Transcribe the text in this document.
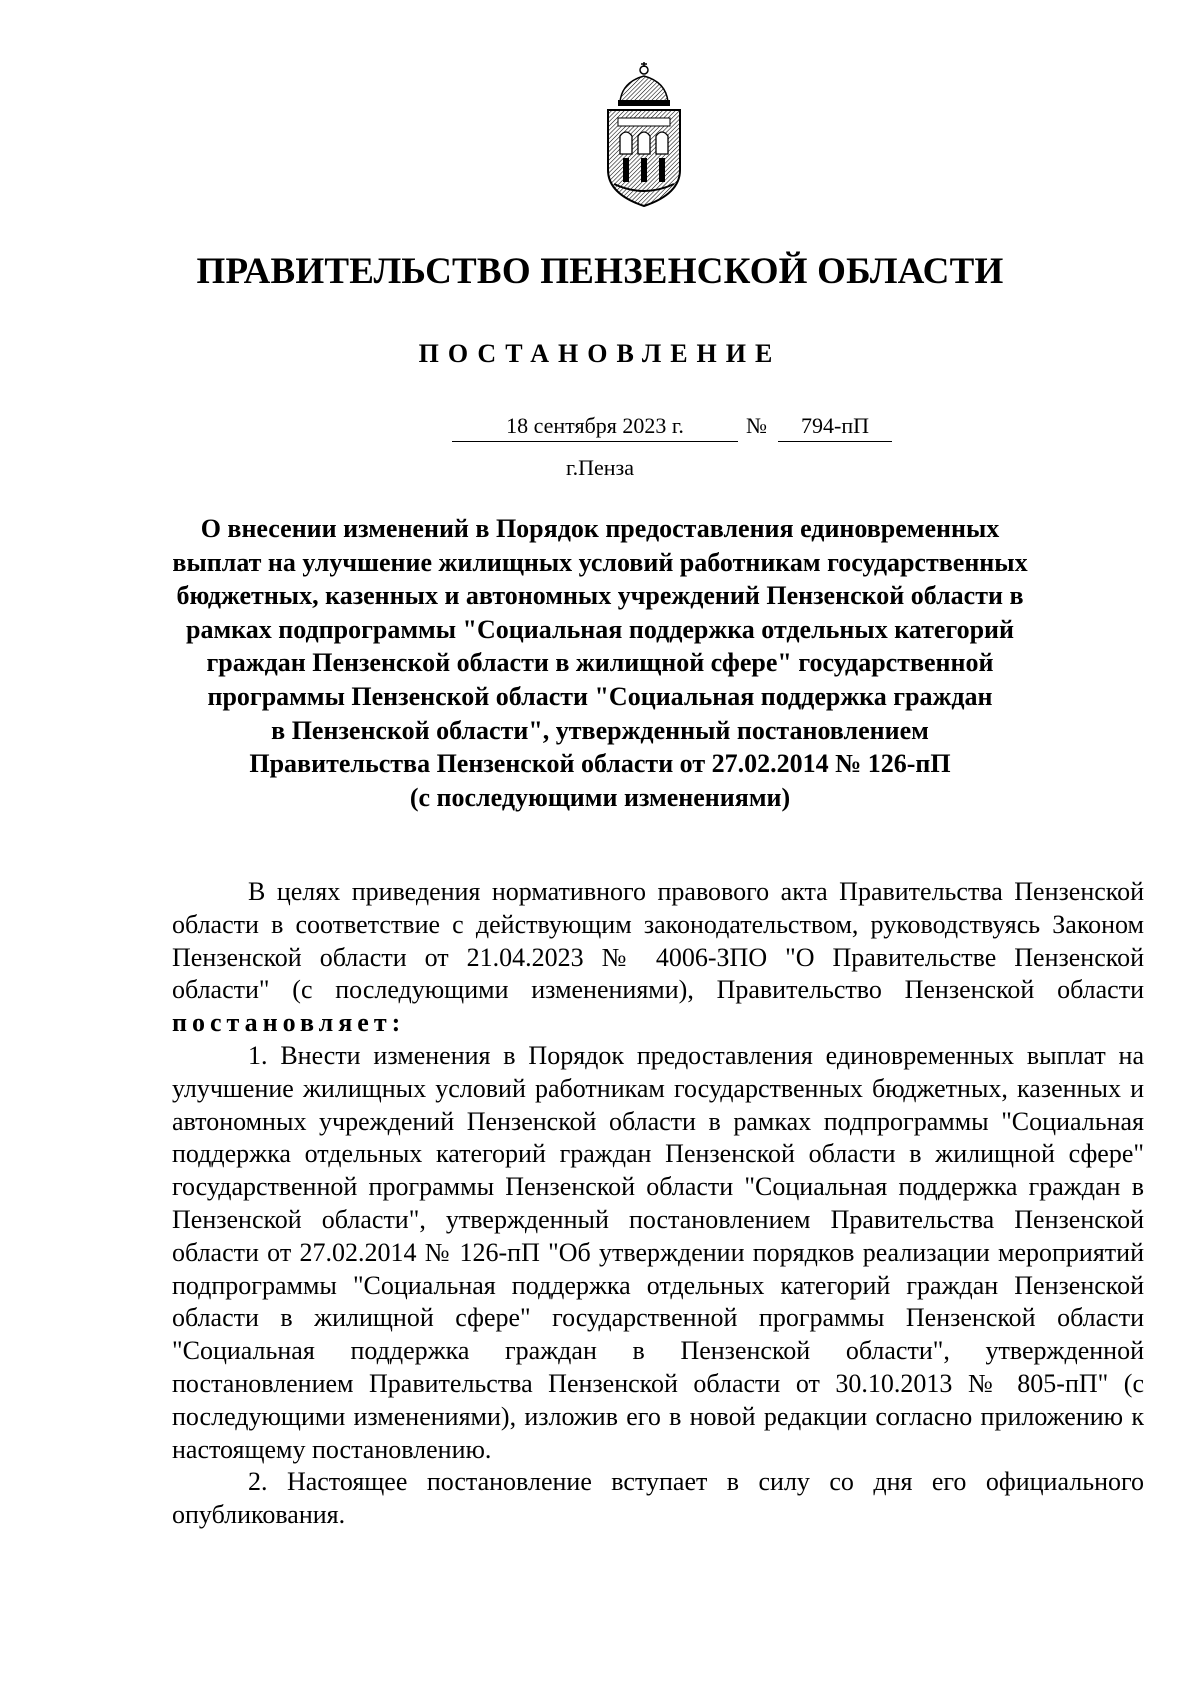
ПРАВИТЕЛЬСТВО ПЕНЗЕНСКОЙ ОБЛАСТИ
ПОСТАНОВЛЕНИЕ
18 сентября 2023 г.	№	794-пП
г.Пенза
О внесении изменений в Порядок предоставления единовременных
выплат на улучшение жилищных условий работникам государственных
бюджетных, казенных и автономных учреждений Пензенской области в
рамках подпрограммы "Социальная поддержка отдельных категорий
граждан Пензенской области в жилищной сфере" государственной
программы Пензенской области "Социальная поддержка граждан
в Пензенской области", утвержденный постановлением
Правительства Пензенской области от 27.02.2014 № 126-пП
(с последующими изменениями)

В целях приведения нормативного правового акта Правительства Пензенской области в соответствие с действующим законодательством, руководствуясь Законом Пензенской области от 21.04.2023 № 4006-ЗПО "О Правительстве Пензенской области" (с последующими изменениями), Правительство Пензенской области постановляет:

1. Внести изменения в Порядок предоставления единовременных выплат на улучшение жилищных условий работникам государственных бюджетных, казенных и автономных учреждений Пензенской области в рамках подпрограммы "Социальная поддержка отдельных категорий граждан Пензенской области в жилищной сфере" государственной программы Пензенской области "Социальная поддержка граждан в Пензенской области", утвержденный постановлением Правительства Пензенской области от 27.02.2014 № 126-пП "Об утверждении порядков реализации мероприятий подпрограммы "Социальная поддержка отдельных категорий граждан Пензенской области в жилищной сфере" государственной программы Пензенской области "Социальная поддержка граждан в Пензенской области", утвержденной постановлением Правительства Пензенской области от 30.10.2013 № 805-пП" (с последующими изменениями), изложив его в новой редакции согласно приложению к настоящему постановлению.

2. Настоящее постановление вступает в силу со дня его официального опубликования.
